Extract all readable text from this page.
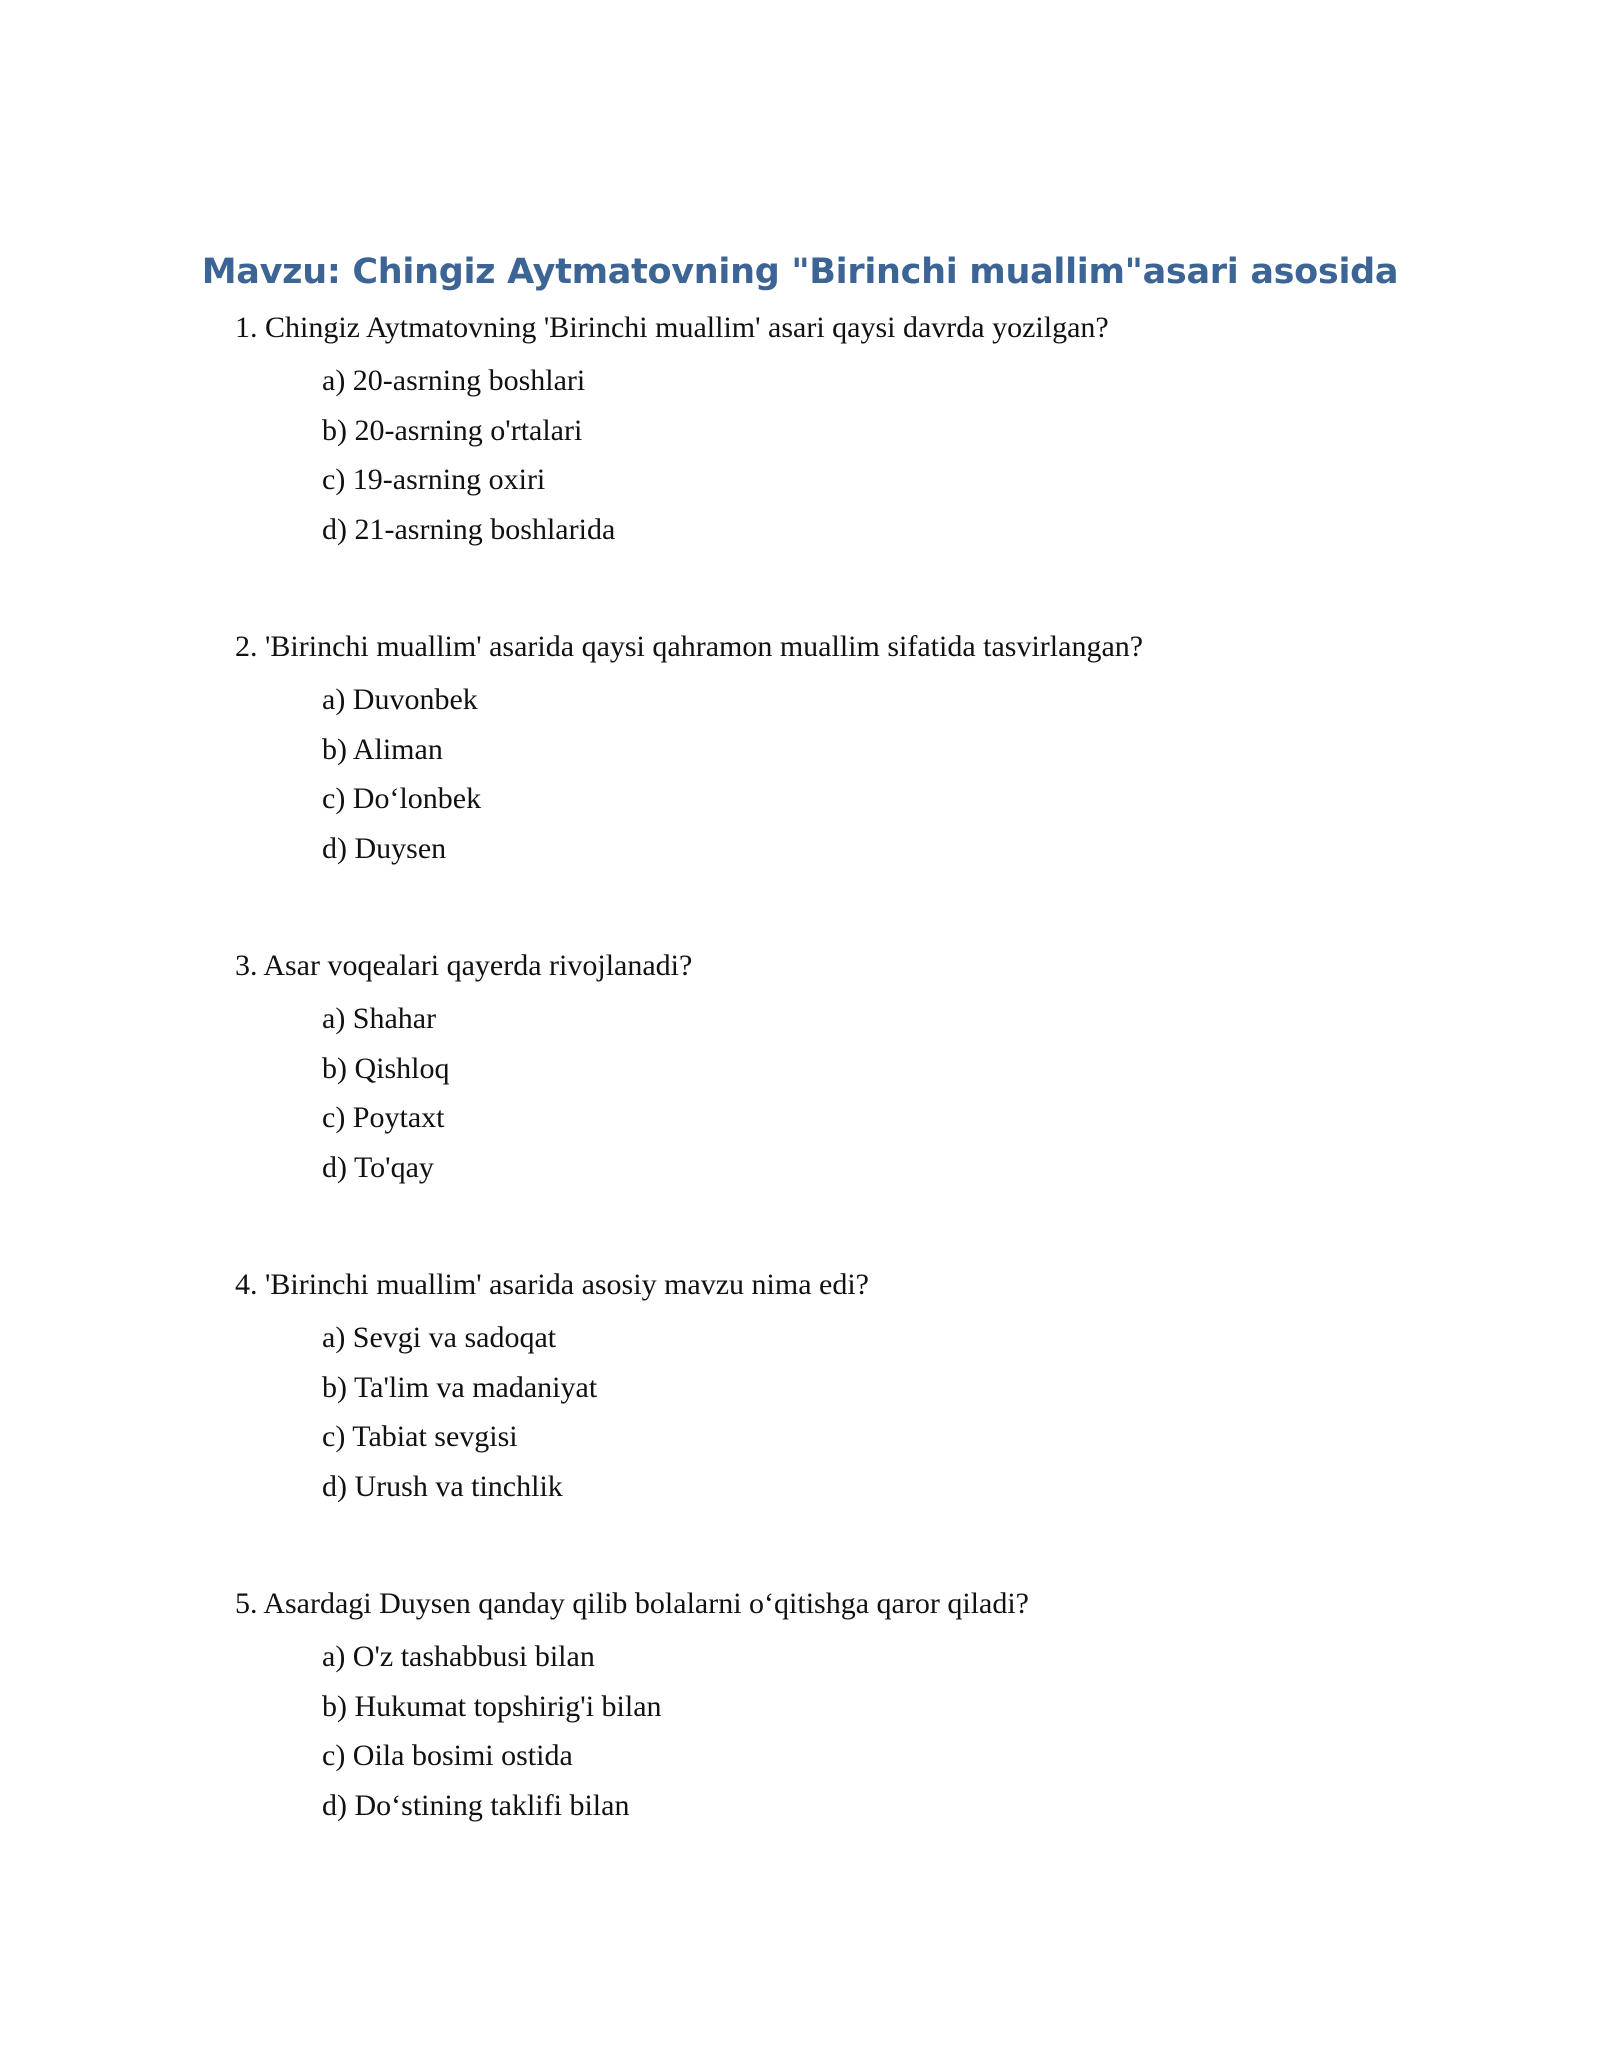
Mavzu: Chingiz Aytmatovning "Birinchi muallim"asari asosida
1. Chingiz Aytmatovning 'Birinchi muallim' asari qaysi davrda yozilgan?
a) 20-asrning boshlari
b) 20-asrning o'rtalari
c) 19-asrning oxiri
d) 21-asrning boshlarida
2. 'Birinchi muallim' asarida qaysi qahramon muallim sifatida tasvirlangan?
a) Duvonbek
b) Aliman
c) Do‘lonbek
d) Duysen
3. Asar voqealari qayerda rivojlanadi?
a) Shahar
b) Qishloq
c) Poytaxt
d) To'qay
4. 'Birinchi muallim' asarida asosiy mavzu nima edi?
a) Sevgi va sadoqat
b) Ta'lim va madaniyat
c) Tabiat sevgisi
d) Urush va tinchlik
5. Asardagi Duysen qanday qilib bolalarni o‘qitishga qaror qiladi?
a) O'z tashabbusi bilan
b) Hukumat topshirig'i bilan
c) Oila bosimi ostida
d) Do‘stining taklifi bilan
